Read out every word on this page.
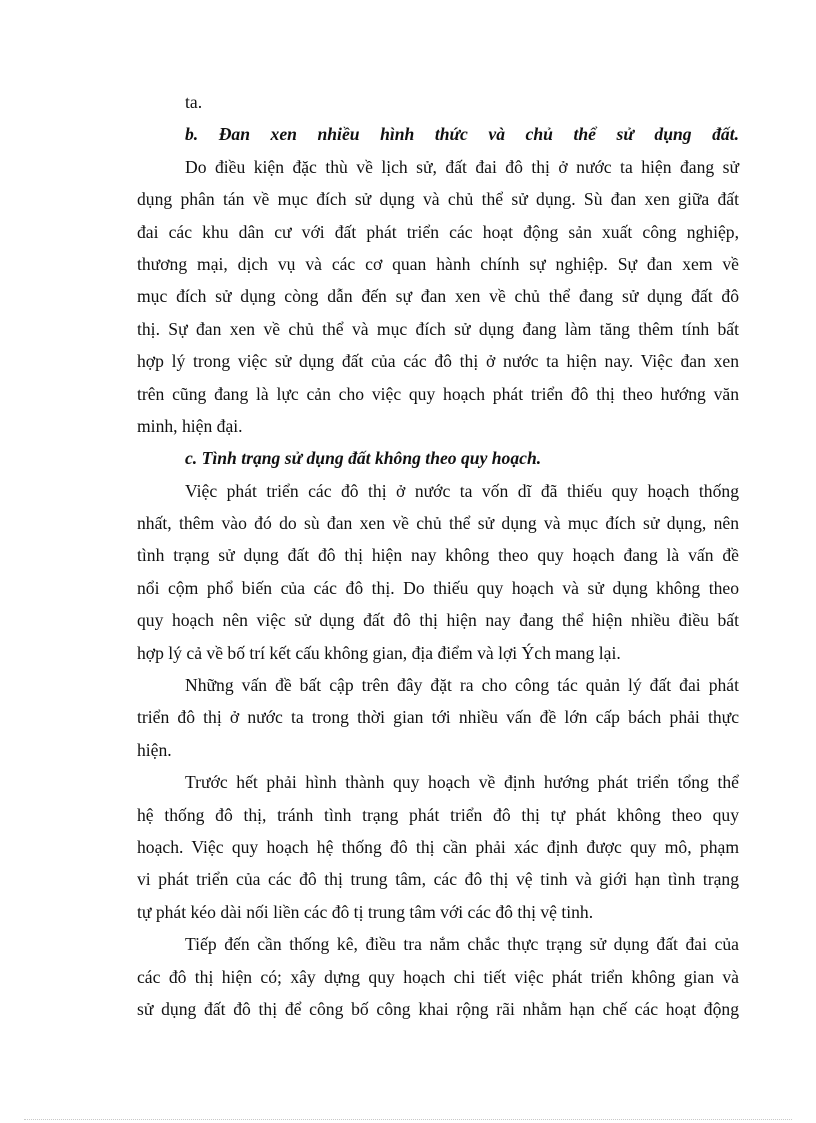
ta.
b. Đan xen nhiều hình thức và chủ thể sử dụng đất.
Do điều kiện đặc thù về lịch sử, đất đai đô thị ở nước ta hiện đang sử
dụng phân tán về mục đích sử dụng và chủ thể sử dụng. Sù đan xen giữa đất
đai các khu dân cư với đất phát triển các hoạt động sản xuất công nghiệp,
thương mại, dịch vụ và các cơ quan hành chính sự nghiệp. Sự đan xem về
mục đích sử dụng còng dẫn đến sự đan xen về chủ thể đang sử dụng đất đô
thị. Sự đan xen về chủ thể và mục đích sử dụng đang làm tăng thêm tính bất
hợp lý trong việc sử dụng đất của các đô thị ở nước ta hiện nay. Việc đan xen
trên cũng đang là lực cản cho việc quy hoạch phát triển đô thị theo hướng văn
minh, hiện đại.
c. Tình trạng sử dụng đất không theo quy hoạch.
Việc phát triển các đô thị ở nước ta vốn dĩ đã thiếu quy hoạch thống
nhất, thêm vào đó do sù đan xen về chủ thể sử dụng và mục đích sử dụng, nên
tình trạng sử dụng đất đô thị hiện nay không theo quy hoạch đang là vấn đề
nổi cộm phổ biến của các đô thị. Do thiếu quy hoạch và sử dụng không theo
quy hoạch nên việc sử dụng đất đô thị hiện nay đang thể hiện nhiều điều bất
hợp lý cả về bố trí kết cấu không gian, địa điểm và lợi Ých mang lại.
Những vấn đề bất cập trên đây đặt ra cho công tác quản lý đất đai phát
triển đô thị ở nước ta trong thời gian tới nhiều vấn đề lớn cấp bách phải thực
hiện.
Trước hết phải hình thành quy hoạch về định hướng phát triển tổng thể
hệ thống đô thị, tránh tình trạng phát triển đô thị tự phát không theo quy
hoạch. Việc quy hoạch hệ thống đô thị cần phải xác định được quy mô, phạm
vi phát triển của các đô thị trung tâm, các đô thị vệ tinh và giới hạn tình trạng
tự phát kéo dài nối liền các đô tị trung tâm với các đô thị vệ tinh.
Tiếp đến cần thống kê, điều tra nắm chắc thực trạng sử dụng đất đai của
các đô thị hiện có; xây dựng quy hoạch chi tiết việc phát triển không gian và
sử dụng đất đô thị để công bố công khai rộng rãi nhằm hạn chế các hoạt động
